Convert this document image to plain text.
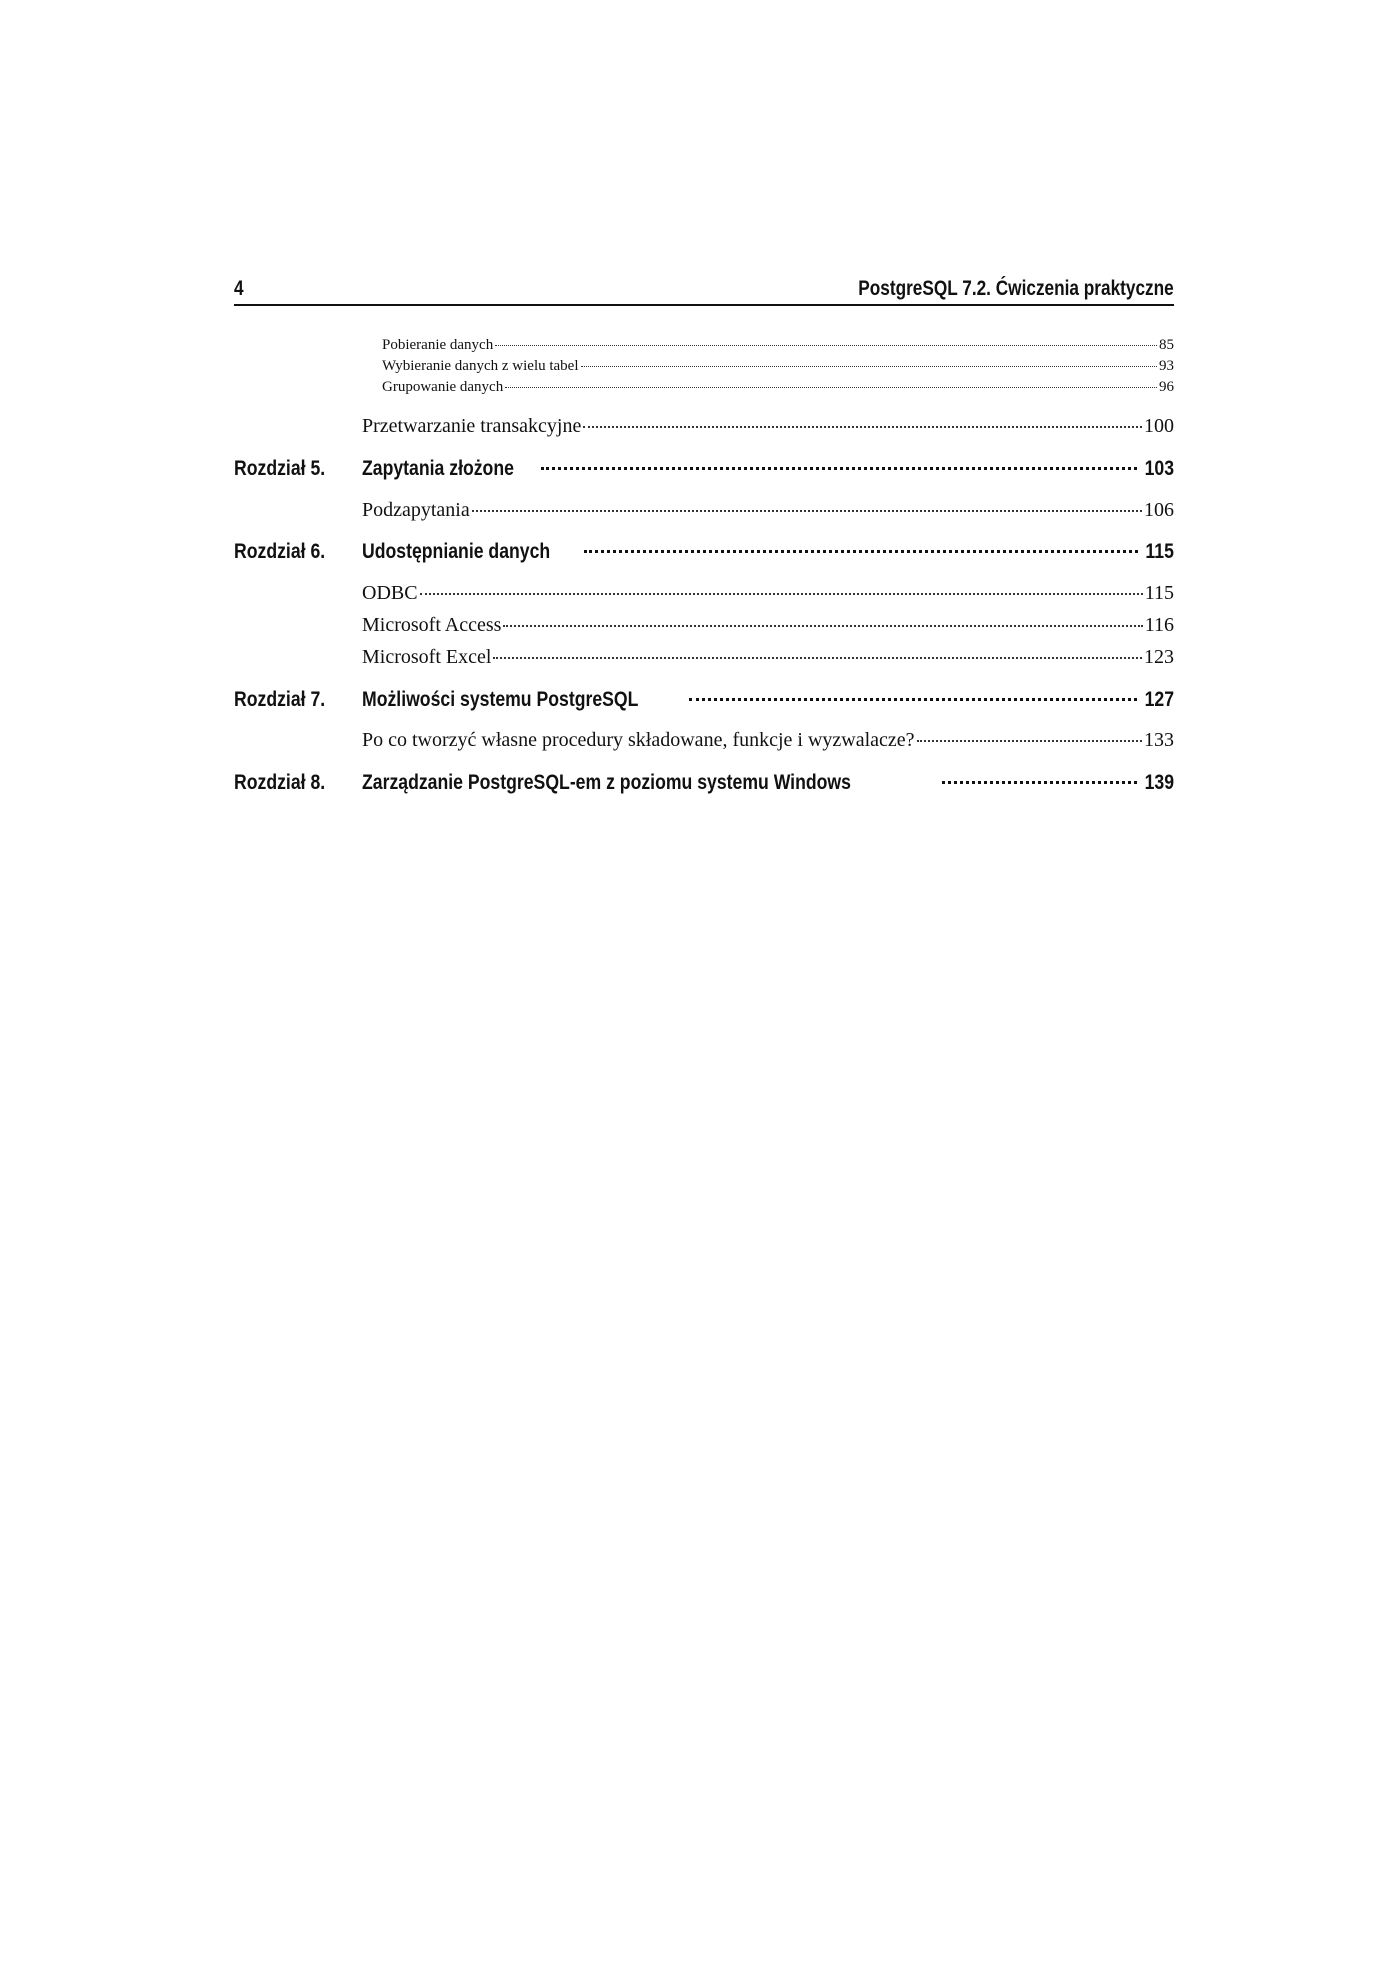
4	PostgreSQL 7.2. Ćwiczenia praktyczne
Pobieranie danych	85
Wybieranie danych z wielu tabel	93
Grupowanie danych	96
Przetwarzanie transakcyjne	100
Rozdział 5.	Zapytania złożone	103
Podzapytania	106
Rozdział 6.	Udostępnianie danych	115
ODBC	115
Microsoft Access	116
Microsoft Excel	123
Rozdział 7.	Możliwości systemu PostgreSQL	127
Po co tworzyć własne procedury składowane, funkcje i wyzwalacze?	133
Rozdział 8.	Zarządzanie PostgreSQL-em z poziomu systemu Windows	139
